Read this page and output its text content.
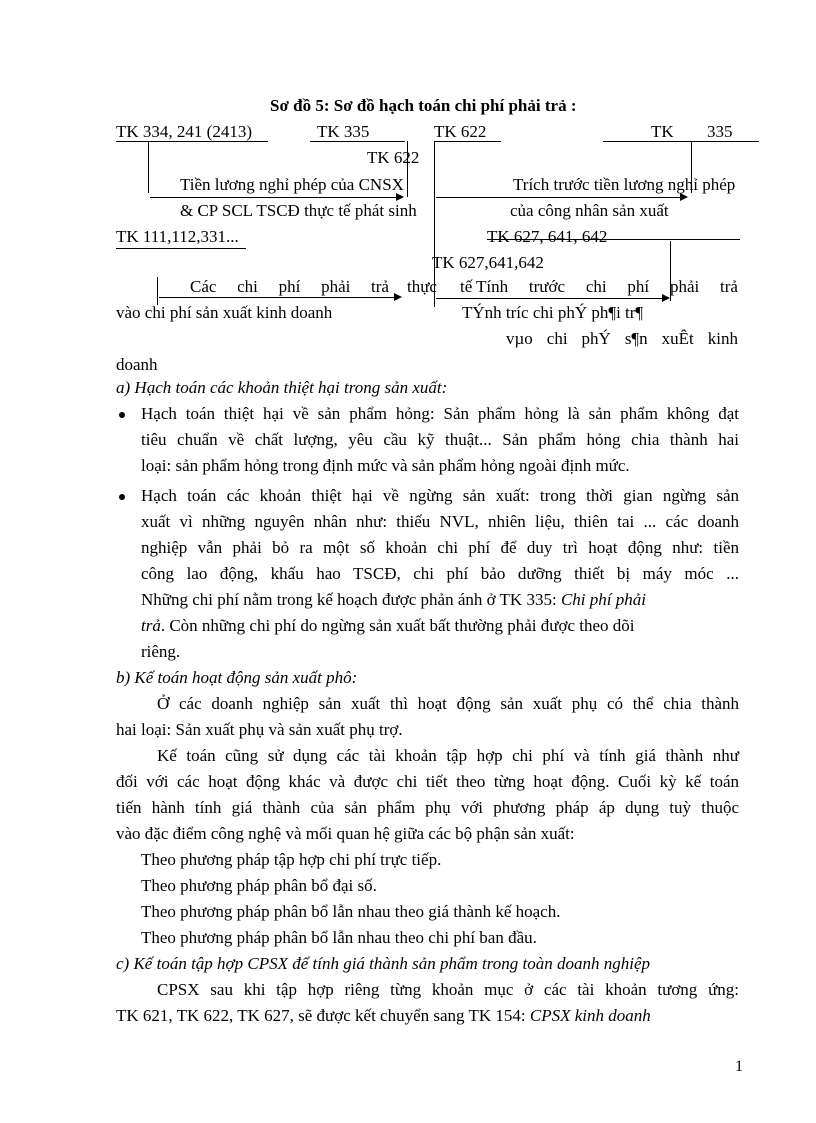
Sơ đồ 5: Sơ đồ hạch toán chi phí phải trả :
TK 334, 241 (2413)	TK 335	TK 622	TK 335
TK 622
Tiền lương nghỉ phép của CNSX
& CP SCL TSCĐ thực tế phát sinh
Trích trước tiền lương nghỉ phép
của công nhân sản xuất
TK 111,112,331...	TK 627, 641, 642
TK 627,641,642
Các chi phí phải trả thực tế Tính trước chi phí phải trả
vào chi phí sản xuất kinh doanh	TÝnh tríc chi phÝ ph¶i tr¶
vµo chi phÝ s¶n xuÊt kinh
doanh
a) Hạch toán các khoản thiệt hại trong sản xuất:
Hạch toán thiệt hại về sản phẩm hỏng: Sản phẩm hỏng là sản phẩm không đạt
tiêu chuẩn về chất lượng, yêu cầu kỹ thuật... Sản phẩm hỏng chia thành hai
loại: sản phẩm hỏng trong định mức và sản phẩm hỏng ngoài định mức.
Hạch toán các khoản thiệt hại về ngừng sản xuất: trong thời gian ngừng sản
xuất vì những nguyên nhân như: thiếu NVL, nhiên liệu, thiên tai ... các doanh
nghiệp vẫn phải bỏ ra một số khoản chi phí để duy trì hoạt động như: tiền
công lao động, khấu hao TSCĐ, chi phí bảo dưỡng thiết bị máy móc ...
Những chi phí nằm trong kế hoạch được phản ánh ở TK 335: Chi phí phải
trả. Còn những chi phí do ngừng sản xuất bất thường phải được theo dõi
riêng.
b) Kế toán hoạt động sản xuất phô:
Ở các doanh nghiệp sản xuất thì hoạt động sản xuất phụ có thể chia thành
hai loại: Sản xuất phụ và sản xuất phụ trợ.
Kế toán cũng sử dụng các tài khoản tập hợp chi phí và tính giá thành như
đối với các hoạt động khác và được chi tiết theo từng hoạt động. Cuối kỳ kế toán
tiến hành tính giá thành của sản phẩm phụ với phương pháp áp dụng tuỳ thuộc
vào đặc điểm công nghệ và mối quan hệ giữa các bộ phận sản xuất:
Theo phương pháp tập hợp chi phí trực tiếp.
Theo phương pháp phân bổ đại số.
Theo phương pháp phân bổ lẫn nhau theo giá thành kế hoạch.
Theo phương pháp phân bổ lẫn nhau theo chi phí ban đầu.
c) Kế toán tập hợp CPSX để tính giá thành sản phẩm trong toàn doanh nghiệp
CPSX sau khi tập hợp riêng từng khoản mục ở các tài khoản tương ứng:
TK 621, TK 622, TK 627, sẽ được kết chuyển sang TK 154: CPSX kinh doanh
1
